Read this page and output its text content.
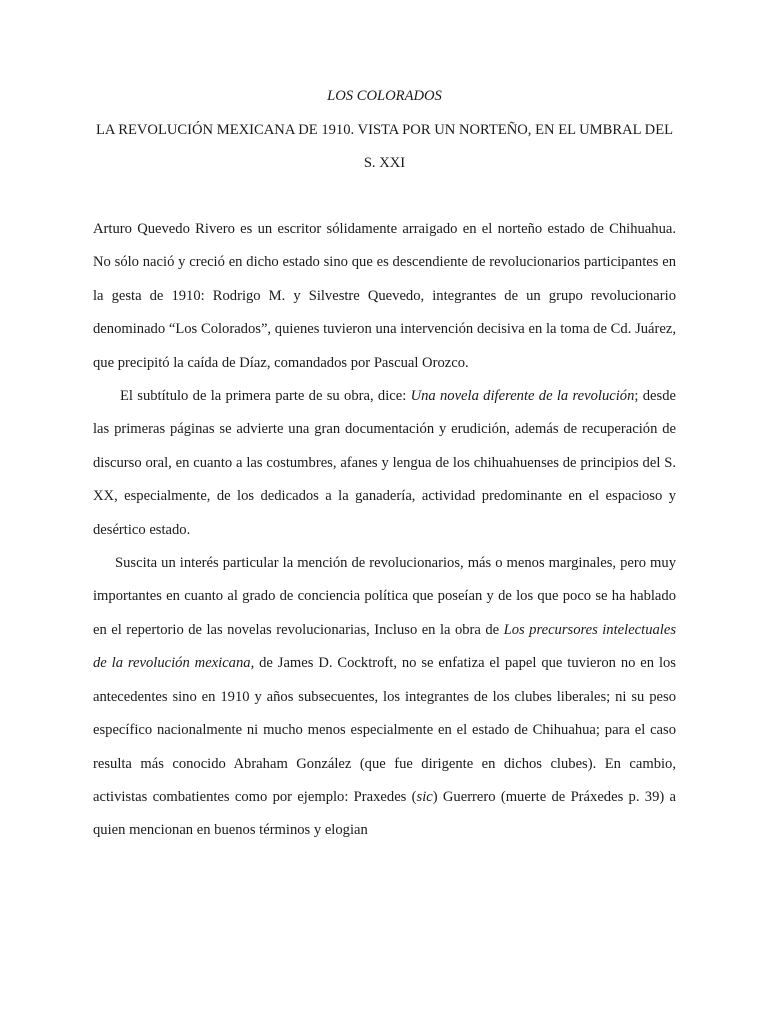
LOS COLORADOS

LA REVOLUCIÓN MEXICANA DE 1910. VISTA POR UN NORTEÑO, EN EL UMBRAL DEL S. XXI

Arturo Quevedo Rivero es un escritor sólidamente arraigado en el norteño estado de Chihuahua. No sólo nació y creció en dicho estado sino que es descendiente de revolucionarios participantes en la gesta de 1910: Rodrigo M. y Silvestre Quevedo, integrantes de un grupo revolucionario denominado “Los Colorados”, quienes tuvieron una intervención decisiva en la toma de Cd. Juárez, que precipitó la caída de Díaz, comandados por Pascual Orozco.

El subtítulo de la primera parte de su obra, dice: Una novela diferente de la revolución; desde las primeras páginas se advierte una gran documentación y erudición, además de recuperación de discurso oral, en cuanto a las costumbres, afanes y lengua de los chihuahuenses de principios del S. XX, especialmente, de los dedicados a la ganadería, actividad predominante en el espacioso y desértico estado.

Suscita un interés particular la mención de revolucionarios, más o menos marginales, pero muy importantes en cuanto al grado de conciencia política que poseían y de los que poco se ha hablado en el repertorio de las novelas revolucionarias, Incluso en la obra de Los precursores intelectuales de la revolución mexicana, de James D. Cocktroft, no se enfatiza el papel que tuvieron no en los antecedentes sino en 1910 y años subsecuentes, los integrantes de los clubes liberales; ni su peso específico nacionalmente ni mucho menos especialmente en el estado de Chihuahua; para el caso resulta más conocido Abraham González (que fue dirigente en dichos clubes). En cambio, activistas combatientes como por ejemplo: Praxedes (sic) Guerrero (muerte de Práxedes p. 39) a quien mencionan en buenos términos y elogian
